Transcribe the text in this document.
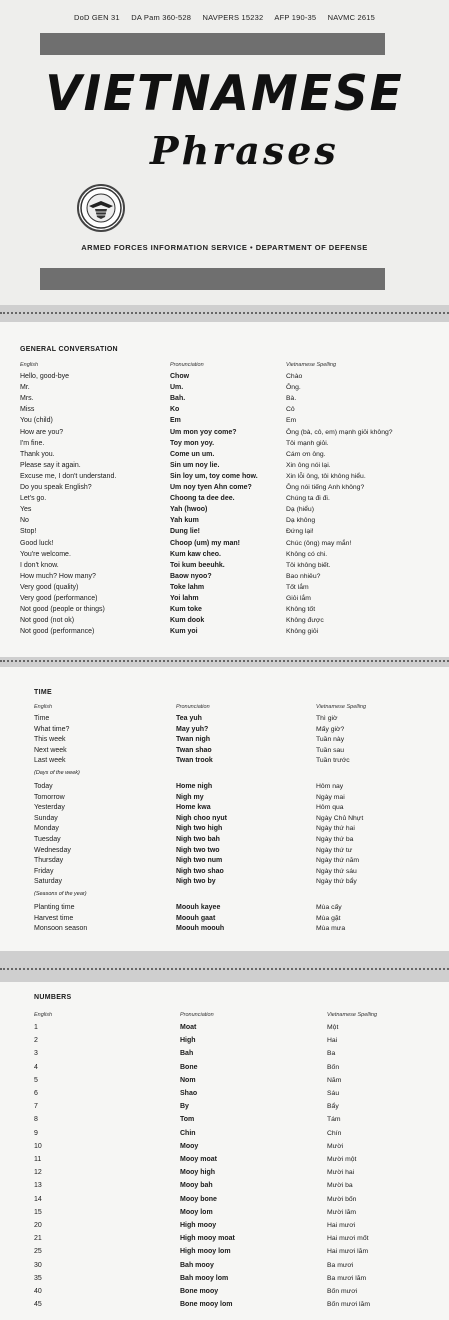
DoD GEN 31     DA Pam 360-528     NAVPERS 15232     AFP 190-35     NAVMC 2615
VIETNAMESE
Phrases
ARMED FORCES INFORMATION SERVICE • DEPARTMENT OF DEFENSE
GENERAL CONVERSATION
English	Pronunciation	Vietnamese Spelling
Hello, good-bye	Chow	Chào
Mr.	Um.	Ông.
Mrs.	Bah.	Bà.
Miss	Ko	Cô
You (child)	Em	Em
How are you?	Um mon yoy come?	Ông (bà, cô, em) mạnh giỏi không?
I'm fine.	Toy mon yoy.	Tôi mạnh giỏi.
Thank you.	Come un um.	Cám ơn ông.
Please say it again.	Sin um noy lie.	Xin ông nói lại.
Excuse me, I don't understand.	Sin loy um, toy come how.	Xin lỗi ông, tôi không hiểu.
Do you speak English?	Um noy tyen Ahn come?	Ông nói tiếng Anh không?
Let's go.	Choong ta dee dee.	Chúng ta đi đi.
Yes	Yah (hwoo)	Dạ (hiểu)
No	Yah kum	Dạ không
Stop!	Dung lie!	Đứng lại!
Good luck!	Choop (um) my man!	Chúc (ông) may mắn!
You're welcome.	Kum kaw cheo.	Không có chi.
I don't know.	Toi kum beeuhk.	Tôi không biết.
How much? How many?	Baow nyoo?	Bao nhiêu?
Very good (quality)	Toke lahm	Tốt lắm
Very good (performance)	Yoi lahm	Giỏi lắm
Not good (people or things)	Kum toke	Không tốt
Not good (not ok)	Kum dook	Không được
Not good (performance)	Kum yoi	Không giỏi
TIME
English	Pronunciation	Vietnamese Spelling
Time	Tea yuh	Thì giờ
What time?	May yuh?	Mấy giờ?
This week	Twan nigh	Tuần này
Next week	Twan shao	Tuần sau
Last week	Twan trook	Tuần trước
(Days of the week)
Today	Home nigh	Hôm nay
Tomorrow	Nigh my	Ngày mai
Yesterday	Home kwa	Hôm qua
Sunday	Nigh choo nyut	Ngày Chủ Nhựt
Monday	Nigh two high	Ngày thứ hai
Tuesday	Nigh two bah	Ngày thứ ba
Wednesday	Nigh two two	Ngày thứ tư
Thursday	Nigh two num	Ngày thứ năm
Friday	Nigh two shao	Ngày thứ sáu
Saturday	Nigh two by	Ngày thứ bẩy
(Seasons of the year)
Planting time	Moouh kayee	Mùa cấy
Harvest time	Moouh gaat	Mùa gặt
Monsoon season	Moouh moouh	Mùa mưa
NUMBERS
English	Pronunciation	Vietnamese Spelling
1	Moat	Một
2	High	Hai
3	Bah	Ba
4	Bone	Bốn
5	Nom	Năm
6	Shao	Sáu
7	By	Bẩy
8	Tom	Tám
9	Chin	Chín
10	Mooy	Mười
11	Mooy moat	Mười một
12	Mooy high	Mười hai
13	Mooy bah	Mười ba
14	Mooy bone	Mười bốn
15	Mooy lom	Mười lăm
20	High mooy	Hai mươi
21	High mooy moat	Hai mươi mốt
25	High mooy lom	Hai mươi lăm
30	Bah mooy	Ba mươi
35	Bah mooy lom	Ba mươi lăm
40	Bone mooy	Bốn mươi
45	Bone mooy lom	Bốn mươi lăm
